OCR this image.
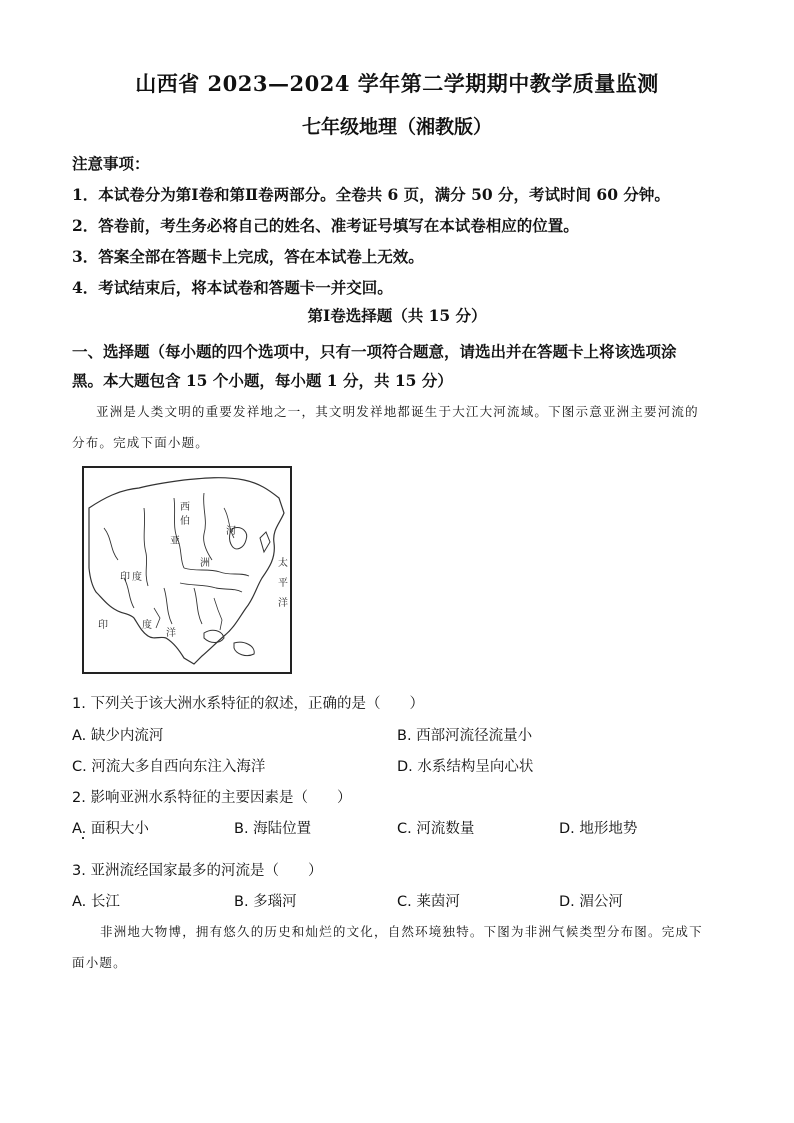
山西省 2023—2024 学年第二学期期中教学质量监测
七年级地理（湘教版）
注意事项：
1．本试卷分为第Ⅰ卷和第Ⅱ卷两部分。全卷共 6 页，满分 50 分，考试时间 60 分钟。
2．答卷前，考生务必将自己的姓名、准考证号填写在本试卷相应的位置。
3．答案全部在答题卡上完成，答在本试卷上无效。
4．考试结束后，将本试卷和答题卡一并交回。
第Ⅰ卷选择题（共 15 分）
一、选择题（每小题的四个选项中，只有一项符合题意，请选出并在答题卡上将该选项涂
黑。本大题包含 15 个小题，每小题 1 分，共 15 分）
亚洲是人类文明的重要发祥地之一，其文明发祥地都诞生于大江大河流域。下图示意亚洲主要河流的
分布。完成下面小题。
亚
洲
印 度
太
平
洋
印	度
洋
西
伯
河
1. 下列关于该大洲水系特征的叙述，正确的是（　　）
A. 缺少内流河	B. 西部河流径流量小
C. 河流大多自西向东注入海洋	D. 水系结构呈向心状
2. 影响亚洲水系特征的主要因素是（　　）
A. 面积大小	B. 海陆位置	C. 河流数量	D. 地形地势
3. 亚洲流经国家最多的河流是（　　）
A. 长江	B. 多瑙河	C. 莱茵河	D. 湄公河
非洲地大物博，拥有悠久的历史和灿烂的文化，自然环境独特。下图为非洲气候类型分布图。完成下
面小题。
